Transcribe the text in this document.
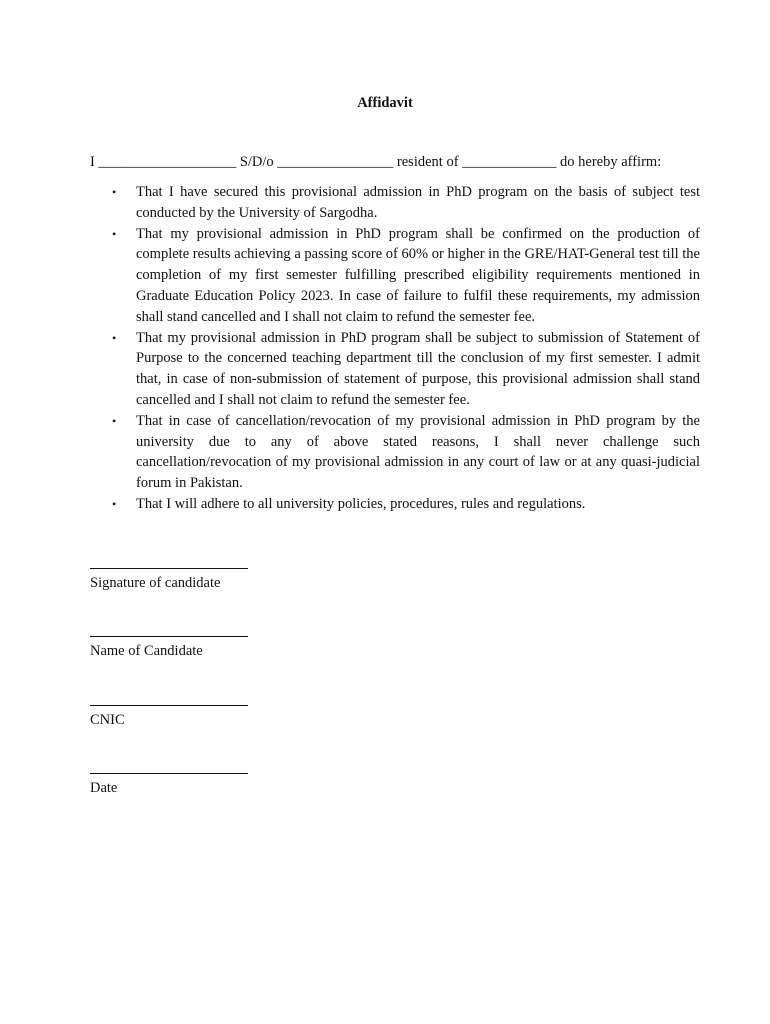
Affidavit
I ___________________ S/D/o ________________ resident of _____________ do hereby affirm:
• That I have secured this provisional admission in PhD program on the basis of subject test conducted by the University of Sargodha.
• That my provisional admission in PhD program shall be confirmed on the production of complete results achieving a passing score of 60% or higher in the GRE/HAT-General test till the completion of my first semester fulfilling prescribed eligibility requirements mentioned in Graduate Education Policy 2023. In case of failure to fulfil these requirements, my admission shall stand cancelled and I shall not claim to refund the semester fee.
• That my provisional admission in PhD program shall be subject to submission of Statement of Purpose to the concerned teaching department till the conclusion of my first semester. I admit that, in case of non-submission of statement of purpose, this provisional admission shall stand cancelled and I shall not claim to refund the semester fee.
• That in case of cancellation/revocation of my provisional admission in PhD program by the university due to any of above stated reasons, I shall never challenge such cancellation/revocation of my provisional admission in any court of law or at any quasi-judicial forum in Pakistan.
• That I will adhere to all university policies, procedures, rules and regulations.
Signature of candidate
Name of Candidate
CNIC
Date
